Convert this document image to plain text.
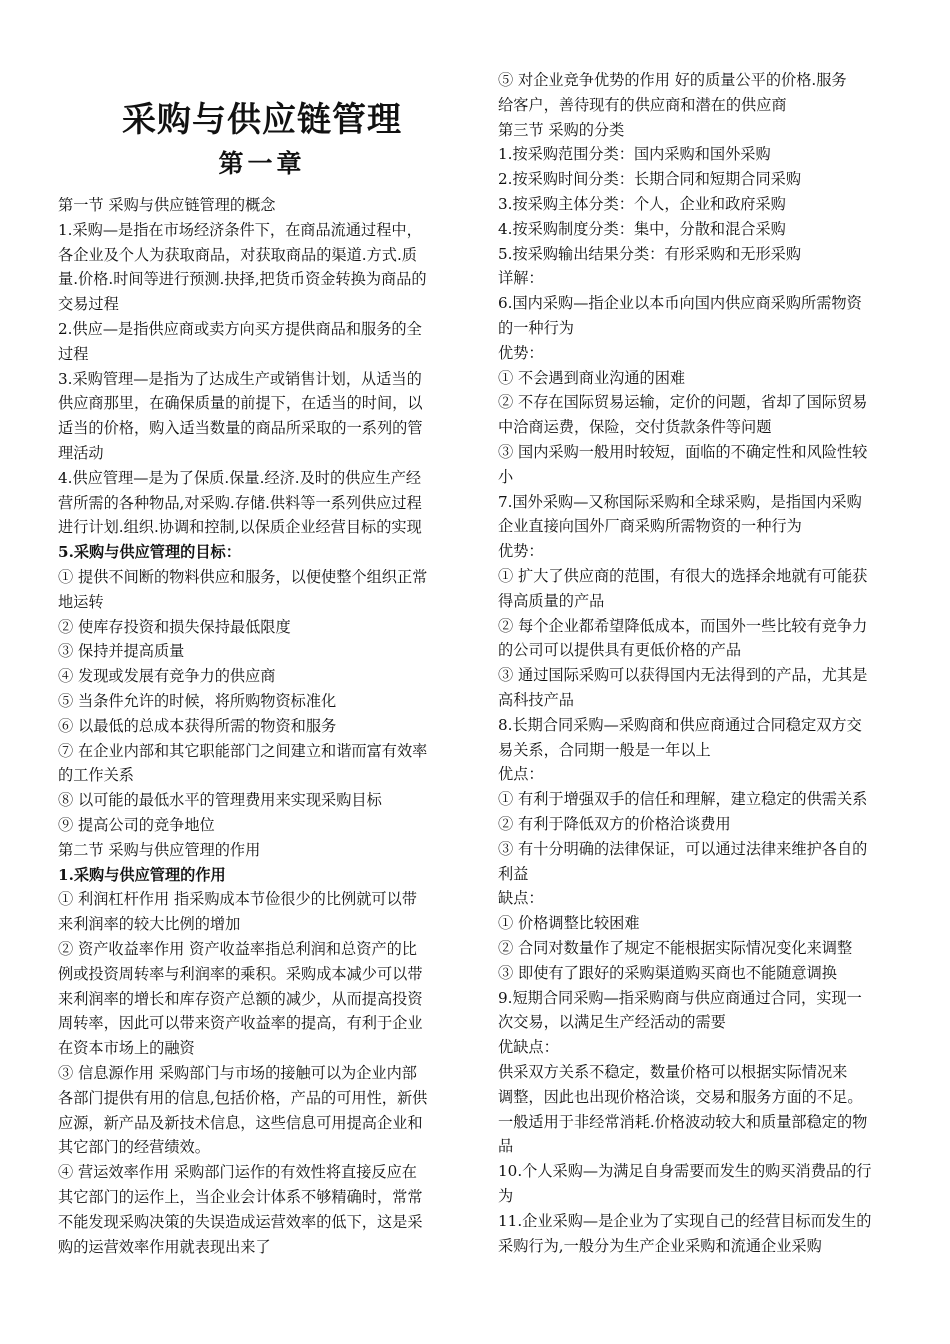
采购与供应链管理
第一章
第一节 采购与供应链管理的概念
1.采购—是指在市场经济条件下，在商品流通过程中，
各企业及个人为获取商品，对获取商品的渠道.方式.质
量.价格.时间等进行预测.抉择,把货币资金转换为商品的
交易过程
2.供应—是指供应商或卖方向买方提供商品和服务的全
过程
3.采购管理—是指为了达成生产或销售计划，从适当的
供应商那里，在确保质量的前提下，在适当的时间，以
适当的价格，购入适当数量的商品所采取的一系列的管
理活动
4.供应管理—是为了保质.保量.经济.及时的供应生产经
营所需的各种物品,对采购.存储.供料等一系列供应过程
进行计划.组织.协调和控制,以保质企业经营目标的实现
5.采购与供应管理的目标：
① 提供不间断的物料供应和服务，以便使整个组织正常
地运转
② 使库存投资和损失保持最低限度
③ 保持并提高质量
④ 发现或发展有竞争力的供应商
⑤ 当条件允许的时候，将所购物资标准化
⑥ 以最低的总成本获得所需的物资和服务
⑦ 在企业内部和其它职能部门之间建立和谐而富有效率
的工作关系
⑧ 以可能的最低水平的管理费用来实现采购目标
⑨ 提高公司的竞争地位
第二节 采购与供应管理的作用
1.采购与供应管理的作用
① 利润杠杆作用 指采购成本节俭很少的比例就可以带
来利润率的较大比例的增加
② 资产收益率作用 资产收益率指总利润和总资产的比
例或投资周转率与利润率的乘积。采购成本减少可以带
来利润率的增长和库存资产总额的减少，从而提高投资
周转率，因此可以带来资产收益率的提高，有利于企业
在资本市场上的融资
③ 信息源作用 采购部门与市场的接触可以为企业内部
各部门提供有用的信息,包括价格，产品的可用性，新供
应源，新产品及新技术信息，这些信息可用提高企业和
其它部门的经营绩效。
④ 营运效率作用 采购部门运作的有效性将直接反应在
其它部门的运作上，当企业会计体系不够精确时，常常
不能发现采购决策的失误造成运营效率的低下，这是采
购的运营效率作用就表现出来了
⑤ 对企业竞争优势的作用 好的质量公平的价格.服务
给客户，善待现有的供应商和潜在的供应商
第三节 采购的分类
1.按采购范围分类：国内采购和国外采购
2.按采购时间分类：长期合同和短期合同采购
3.按采购主体分类：个人，企业和政府采购
4.按采购制度分类：集中，分散和混合采购
5.按采购输出结果分类：有形采购和无形采购
详解：
6.国内采购—指企业以本币向国内供应商采购所需物资
的一种行为
优势：
① 不会遇到商业沟通的困难
② 不存在国际贸易运输，定价的问题，省却了国际贸易
中洽商运费，保险，交付货款条件等问题
③ 国内采购一般用时较短，面临的不确定性和风险性较
小
7.国外采购—又称国际采购和全球采购，是指国内采购
企业直接向国外厂商采购所需物资的一种行为
优势：
① 扩大了供应商的范围，有很大的选择余地就有可能获
得高质量的产品
② 每个企业都希望降低成本，而国外一些比较有竞争力
的公司可以提供具有更低价格的产品
③ 通过国际采购可以获得国内无法得到的产品，尤其是
高科技产品
8.长期合同采购—采购商和供应商通过合同稳定双方交
易关系，合同期一般是一年以上
优点：
① 有利于增强双手的信任和理解，建立稳定的供需关系
② 有利于降低双方的价格洽谈费用
③ 有十分明确的法律保证，可以通过法律来维护各自的
利益
缺点：
① 价格调整比较困难
② 合同对数量作了规定不能根据实际情况变化来调整
③ 即使有了跟好的采购渠道购买商也不能随意调换
9.短期合同采购—指采购商与供应商通过合同，实现一
次交易，以满足生产经活动的需要
优缺点：
供采双方关系不稳定，数量价格可以根据实际情况来
调整，因此也出现价格洽谈，交易和服务方面的不足。
一般适用于非经常消耗.价格波动较大和质量部稳定的物
品
10.个人采购—为满足自身需要而发生的购买消费品的行
为
11.企业采购—是企业为了实现自己的经营目标而发生的
采购行为,一般分为生产企业采购和流通企业采购
